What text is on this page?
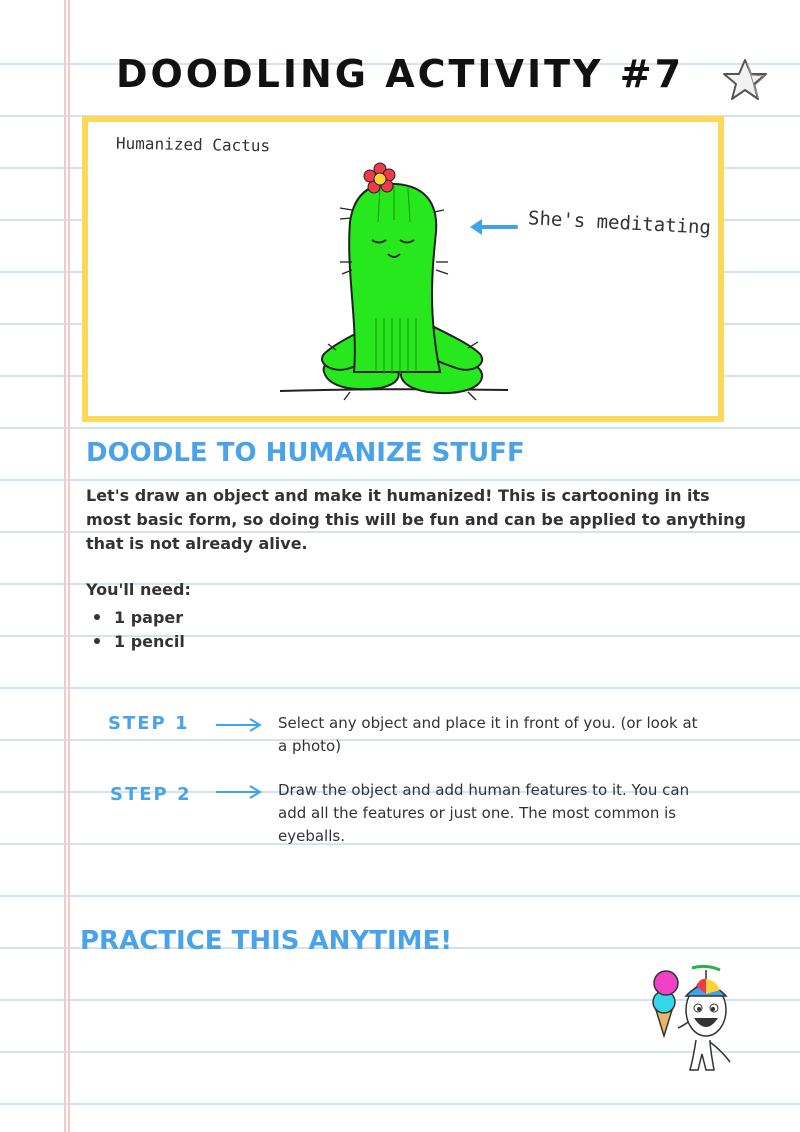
DOODLING ACTIVITY #7
Humanized Cactus
She's meditating
DOODLE TO HUMANIZE STUFF

Let's draw an object and make it humanized! This is cartooning in its most basic form, so doing this will be fun and can be applied to anything that is not already alive.

You'll need:
1 paper
1 pencil
STEP 1	Select any object and place it in front of you. (or look at a photo)
STEP 2	Draw the object and add human features to it. You can add all the features or just one. The most common is eyeballs.
PRACTICE THIS ANYTIME!
